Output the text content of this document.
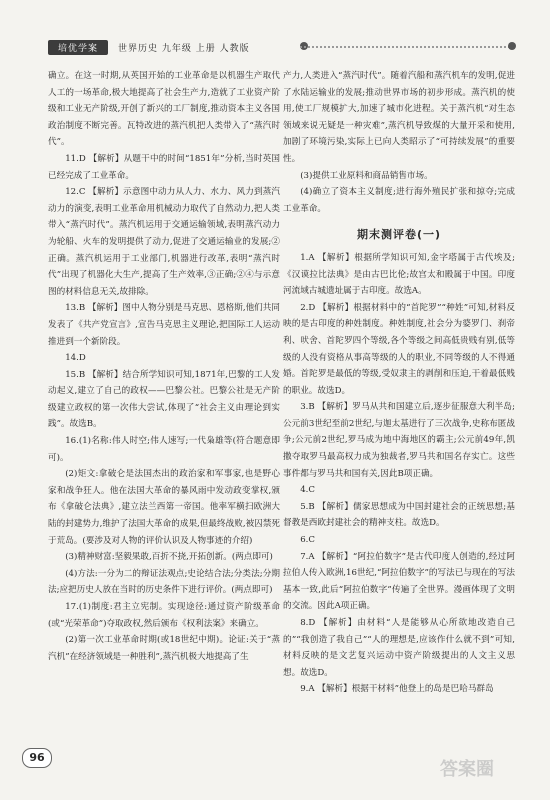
培优学案	世界历史 九年级 上册 人教版

确立。在这一时期,从英国开始的工业革命是以机器生产取代人工的一场革命,极大地提高了社会生产力,造就了工业资产阶级和工业无产阶级,开创了新兴的工厂制度,推动资本主义各国政治制度不断完善。瓦特改进的蒸汽机把人类带入了“蒸汽时代”。

11.D 【解析】从题干中的时间“1851年”分析,当时英国已经完成了工业革命。

12.C 【解析】示意图中动力从人力、水力、风力到蒸汽动力的演变,表明工业革命用机械动力取代了自然动力,把人类带入“蒸汽时代”。蒸汽机运用于交通运输领域,表明蒸汽动力为轮船、火车的发明提供了动力,促进了交通运输业的发展;②正确。蒸汽机运用于工业部门,机器进行改革,表明“蒸汽时代”出现了机器化大生产,提高了生产效率,③正确;②④与示意图的材料信息无关,故排除。

13.B 【解析】图中人物分别是马克思、恩格斯,他们共同发表了《共产党宣言》,宣告马克思主义理论,把国际工人运动推进到一个新阶段。

14.D

15.B 【解析】结合所学知识可知,1871年,巴黎的工人发动起义,建立了自己的政权——巴黎公社。巴黎公社是无产阶级建立政权的第一次伟大尝试,体现了“社会主义由理论到实践”。故选B。

16.(1)名称:伟人时空;伟人速写;一代枭雄等(符合题意即可)。

(2)矩文:拿破仑是法国杰出的政治家和军事家,也是野心家和战争狂人。他在法国大革命的暴风雨中发动政变掌权,颁布《拿破仑法典》,建立法兰西第一帝国。他率军横扫欧洲大陆的封建势力,维护了法国大革命的成果,但最终战败,被囚禁死于荒岛。(要涉及对人物的评价认识及人物事迹的介绍)

(3)精神财富:坚毅果敢,百折不挠,开拓创新。(两点即可)

(4)方法:一分为二的辩证法观点;史论结合法;分类法;分期法;应把历史人放在当时的历史条件下进行评价。(两点即可)

17.(1)制度:君主立宪制。实现途径:通过资产阶级革命(或“光荣革命”)夺取政权,然后颁布《权利法案》来确立。

(2)第一次工业革命时期(或18世纪中期)。论证:关于“蒸汽机”在经济领域是一种胜利”,蒸汽机极大地提高了生

产力,人类进入“蒸汽时代”。随着汽船和蒸汽机车的发明,促进了水陆运输业的发展;推动世界市场的初步形成。蒸汽机的使用,使工厂规模扩大,加速了城市化进程。关于蒸汽机“对生态领域来说无疑是一种灾难”,蒸汽机导致煤的大量开采和使用,加剧了环境污染,实际上已向人类昭示了“可持续发展”的重要性。

(3)提供工业原料和商品销售市场。

(4)确立了资本主义制度;进行海外殖民扩张和掠夺;完成工业革命。

期末测评卷(一)

1.A 【解析】根据所学知识可知,金字塔属于古代埃及;《汉谟拉比法典》是由古巴比伦;故宫太和殿属于中国。印度河流域古城遗址属于古印度。故选A。

2.D 【解析】根据材料中的“首陀罗”“种姓”可知,材料反映的是古印度的种姓制度。种姓制度,社会分为婆罗门、刹帝利、吠舍、首陀罗四个等级,各个等级之间高低贵贱有别,低等级的人没有资格从事高等级的人的职业,不同等级的人不得通婚。首陀罗是最低的等级,受奴隶主的剥削和压迫,干着最低贱的职业。故选D。

3.B 【解析】罗马从共和国建立后,逐步征服意大利半岛;公元前3世纪至前2世纪,与迦太基进行了三次战争,史称布匿战争;公元前2世纪,罗马成为地中海地区的霸主;公元前49年,凯撒夺取罗马最高权力成为独裁者,罗马共和国名存实亡。这些事件都与罗马共和国有关,因此B项正确。

4.C

5.B 【解析】儒家思想成为中国封建社会的正统思想;基督教是西欧封建社会的精神支柱。故选D。

6.C

7.A 【解析】“阿拉伯数字”是古代印度人创造的,经过阿拉伯人传入欧洲,16世纪,“阿拉伯数字”的写法已与现在的写法基本一致,此后“阿拉伯数字”传遍了全世界。漫画体现了文明的交流。因此A项正确。

8.D 【解析】由材料“人是能够从心所欲地改造自己的”“我创造了我自己”“人的理想是,应该作什么就不到”可知,材料反映的是文艺复兴运动中资产阶级提出的人文主义思想。故选D。

9.A 【解析】根据干材料”他登上的岛是巴哈马群岛

96
答案圈
